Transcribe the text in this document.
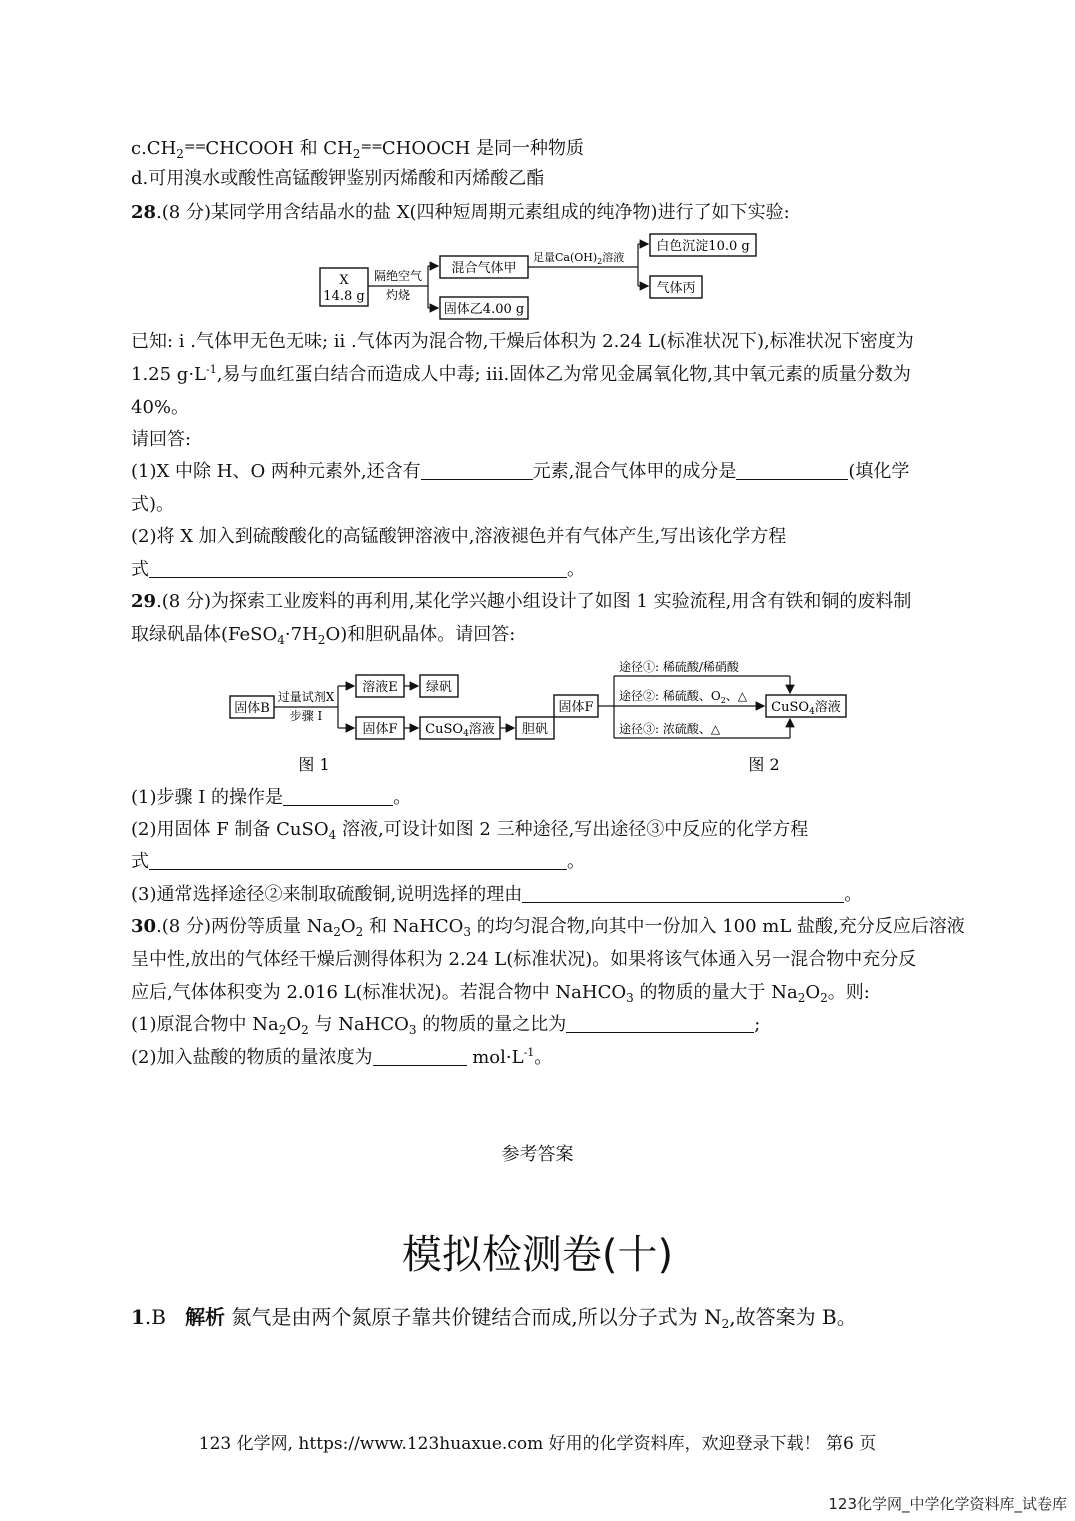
$c.CH_2==CHCOOH$ 和 $CH_2==CHOOCH$ 是同一种物质
d.可用溴水或酸性高锰酸钾鉴别丙烯酸和丙烯酸乙酯
28.(8 分)某同学用含结晶水的盐 X(四种短周期元素组成的纯净物)进行了如下实验:
X
14.8 g
隔绝空气
灼烧
混合气体甲
固体乙4.00 g
足量$Ca(OH)_2$溶液
白色沉淀10.0 g
气体丙
已知: i .气体甲无色无味; ii .气体丙为混合物,干燥后体积为 2.24 L(标准状况下),标准状况下密度为
1.25 $g\cdot L^{-1}$,易与血红蛋白结合而造成人中毒; iii.固体乙为常见金属氧化物,其中氧元素的质量分数为
40%。
请回答:
(1)X 中除 H、O 两种元素外,还含有	元素,混合气体甲的成分是	(填化学
式)。
(2)将 X 加入到硫酸酸化的高锰酸钾溶液中,溶液褪色并有气体产生,写出该化学方程
式	。
29.(8 分)为探索工业废料的再利用,某化学兴趣小组设计了如图 1 实验流程,用含有铁和铜的废料制
取绿矾晶体$(FeSO_4\cdot 7H_2O)$和胆矾晶体。请回答:
固体B
过量试剂X
步骤 I
溶液E 绿矾
固体F CuSO$_4$溶液 胆矾
图 1
固体F
途径①: 稀硫酸/稀硝酸
途径②: 稀硫酸、$O_2$、△
途径③: 浓硫酸、△
CuSO$_4$溶液
图 2
(1)步骤 I 的操作是	。
(2)用固体 F 制备 CuSO$_4$ 溶液,可设计如图 2 三种途径,写出途径③中反应的化学方程
式	。
(3)通常选择途径②来制取硫酸铜,说明选择的理由	。
30.(8 分)两份等质量 $Na_2O_2$ 和 NaHCO$_3$ 的均匀混合物,向其中一份加入 100 mL 盐酸,充分反应后溶液
呈中性,放出的气体经干燥后测得体积为 2.24 L(标准状况)。如果将该气体通入另一混合物中充分反
应后,气体体积变为 2.016 L(标准状况)。若混合物中 NaHCO$_3$ 的物质的量大于 $Na_2O_2$。则:
(1)原混合物中 $Na_2O_2$ 与 NaHCO$_3$ 的物质的量之比为	;
(2)加入盐酸的物质的量浓度为	$mol\cdot L^{-1}$。
参考答案
模拟检测卷(十)
1.B 解析 氮气是由两个氮原子靠共价键结合而成,所以分子式为 $N_2$,故答案为 B。
123 化学网, https://www.123huaxue.com 好用的化学资料库，欢迎登录下载！ 第6 页
123化学网_中学化学资料库_试卷库
